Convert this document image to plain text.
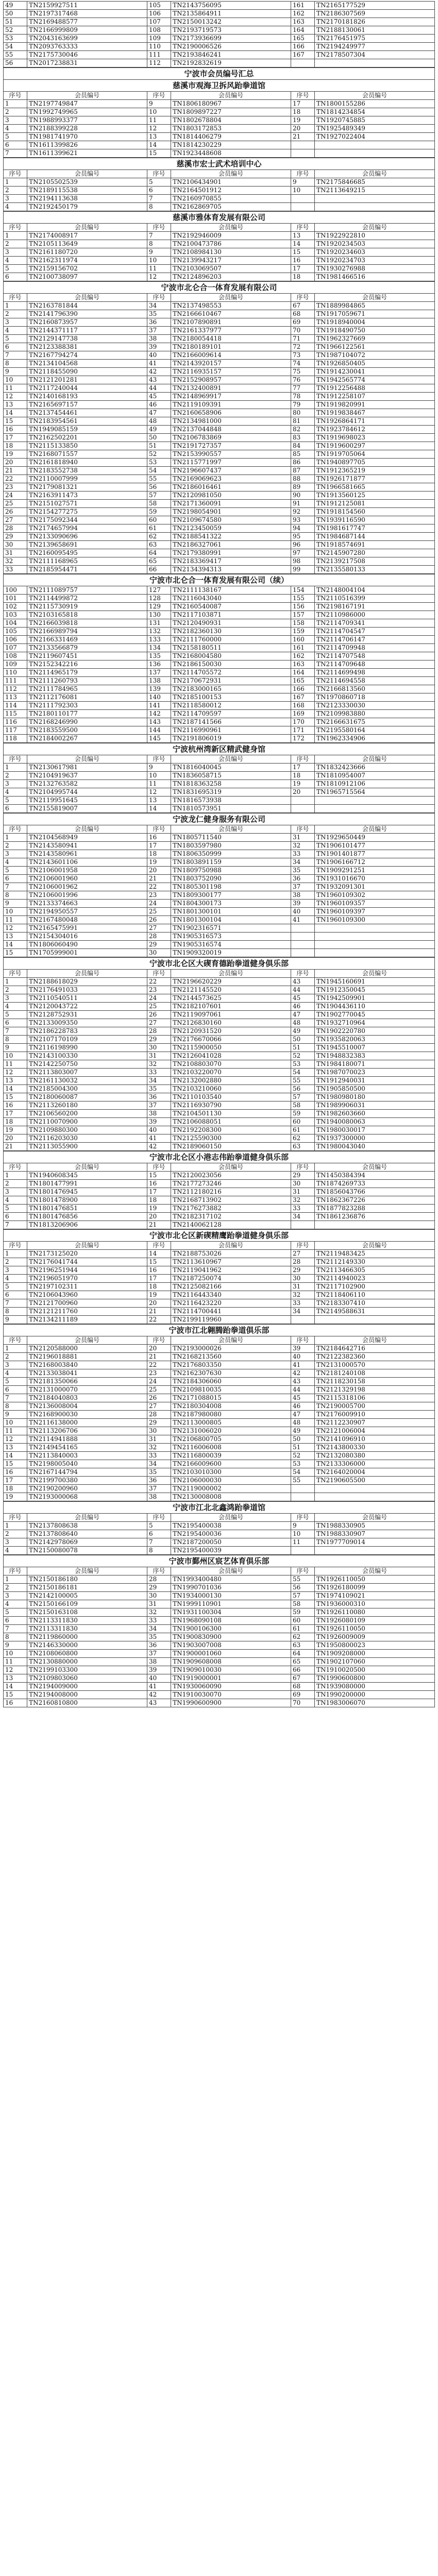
49	TN2159927511	105	TN2143756095	161	TN2165177529
50	TN2197317468	106	TN2135864911	162	TN2186307569
51	TN2169488577	107	TN2150013242	163	TN2170181826
52	TN2166999809	108	TN2193719573	164	TN2188130061
53	TN2043163699	109	TN2173936699	165	TN2176451975
54	TN2093763333	110	TN2190006526	166	TN2194249977
55	TN2175730046	111	TN2193846241	167	TN2178507304
56	TN2017238831	112	TN2192832619		
宁波市会员编号汇总
慈溪市观海卫拆风跆拳道馆
序号	会员编号	序号	会员编号	序号	会员编号
1	TN2197749847	9	TN1806180967	17	TN1800155286
2	TN1992749965	10	TN1809897227	18	TN1814234854
3	TN1988993377	11	TN1802678804	19	TN1920745885
4	TN2188399228	12	TN1803172853	20	TN1925489349
5	TN1981741970	13	TN1814406279	21	TN1927022404
6	TN1611399826	14	TN1814230229		
7	TN1611399621	15	TN1923448608		
慈溪市宏士武术培训中心
序号	会员编号	序号	会员编号	序号	会员编号
1	TN2105502539	5	TN2106434901	9	TN2175846685
2	TN2189115538	6	TN2164501912	10	TN2113649215
3	TN2194113638	7	TN2160970855		
4	TN2192450179	8	TN2162869705		
慈溪市雅体育发展有限公司
序号	会员编号	序号	会员编号	序号	会员编号
1	TN2174008917	7	TN2192946009	13	TN1922922810
2	TN2105113649	8	TN2100473786	14	TN1920234503
3	TN2161180720	9	TN2108984130	15	TN1920234603
4	TN2162311974	10	TN2139943217	16	TN1920234703
5	TN2159156702	11	TN2103069507	17	TN1930276988
6	TN2100738097	12	TN2124896203	18	TN1981466516
宁波市北仑合一体育发展有限公司
序号	会员编号	序号	会员编号	序号	会员编号
1	TN2163781844	34	TN2137498553	67	TN1889984865
2	TN2141796390	35	TN2166610467	68	TN1917059671
3	TN2160873957	36	TN2107890891	69	TN1918940004
4	TN2144371117	37	TN2161337977	70	TN1918490750
5	TN2129147738	38	TN2180054418	71	TN1962327669
6	TN2123388381	39	TN2180189101	72	TN1966122561
7	TN2167794274	40	TN2166009614	73	TN1987104072
8	TN2134104568	41	TN2143920157	74	TN1926850405
9	TN2118455090	42	TN2116935157	75	TN1914230041
10	TN2121201281	43	TN2152908957	76	TN1942565774
11	TN2117240044	44	TN2132400891	77	TN1912256488
12	TN2140168193	45	TN2148969917	78	TN1912258107
13	TN2165697157	46	TN2119109391	79	TN1919820991
14	TN2137454461	47	TN2160658906	80	TN1919838467
15	TN2183954561	48	TN2134981000	81	TN1926864171
16	TN1949085159	49	TN2137044848	82	TN1923784612
17	TN2162502201	50	TN2106783869	83	TN1919698023
18	TN2115133850	51	TN2191727357	84	TN1919600297
19	TN2168071557	52	TN2153990557	85	TN1919705064
20	TN2161818940	53	TN2115771997	86	TN1940897705
21	TN2183552738	54	TN2196607437	87	TN1912365219
22	TN2110007999	55	TN2169069623	88	TN1926171877
23	TN2179081321	56	TN2186016461	89	TN1966581665
24	TN2163911473	57	TN2120981050	90	TN1913560125
25	TN2151027571	58	TN2171360091	91	TN1912125081
26	TN2154277275	59	TN2198054901	92	TN1918154560
27	TN2175092344	60	TN2109674580	93	TN1939116590
28	TN2174657994	61	TN2123450059	94	TN1981617747
29	TN2133090696	62	TN2188541322	95	TN1984687144
30	TN2139658691	63	TN2186327061	96	TN1918574691
31	TN2160095495	64	TN2179380991	97	TN2145907280
32	TN2111168965	65	TN2183369417	98	TN2139217508
33	TN2185954471	66	TN2134394313	99	TN2135580133
宁波市北仑合一体育发展有限公司（续）
100	TN2111089757	127	TN2111138167	154	TN2148004104
101	TN2114499872	128	TN2116043040	155	TN2110516399
102	TN2115730919	129	TN2160540087	156	TN2198167191
103	TN2103165818	130	TN2117103871	157	TN2110986000
104	TN2166039818	131	TN2120490931	158	TN2114709341
105	TN2166989794	132	TN2182360130	159	TN2114704547
106	TN2166331469	133	TN2111760000	160	TN2114706147
107	TN2133566879	134	TN2158180511	161	TN2114709948
108	TN2119607451	135	TN2168004580	162	TN2114707548
109	TN2152342216	136	TN2186150030	163	TN2114709648
110	TN2114965179	137	TN2114705572	164	TN2114699498
111	TN2111260793	138	TN2170672931	165	TN2114694558
112	TN2111784965	139	TN2183000165	166	TN2166813560
113	TN2112176081	140	TN2185100153	167	TN1970860718
114	TN2111792303	141	TN2118580012	168	TN2123330030
115	TN2180110177	142	TN2114709597	169	TN2109983880
116	TN2168246990	143	TN2187141566	170	TN2166631675
117	TN2183559500	144	TN2116990961	171	TN2195580164
118	TN2184002267	145	TN2191806019	172	TN1962334906
宁波杭州湾新区精武健身馆
序号	会员编号	序号	会员编号	序号	会员编号
1	TN2130617981	9	TN1816040045	17	TN1832423666
2	TN2104919637	10	TN1836058715	18	TN1810954007
3	TN2132763582	11	TN1818363258	19	TN1810912106
4	TN2104995744	12	TN1831695319	20	TN1965715564
5	TN2119951645	13	TN1816573938		
6	TN2155819007	14	TN1810573951		
宁波龙仁健身服务有限公司
序号	会员编号	序号	会员编号	序号	会员编号
1	TN2104568949	16	TN1805711540	31	TN1929650449
2	TN2143580941	17	TN1803597980	32	TN1906101477
3	TN2143580961	18	TN1806350999	33	TN1901401877
4	TN2143601106	19	TN1803891159	34	TN1906166712
5	TN2106001958	20	TN1809750988	35	TN1909291251
6	TN2106001960	21	TN1803752090	36	TN1931016670
7	TN2106001962	22	TN1805301198	37	TN1932091301
8	TN2106001996	23	TN1809300177	38	TN1960109302
9	TN2133374663	24	TN1804300173	39	TN1960109357
10	TN2194950557	25	TN1801300101	40	TN1960109397
11	TN2167480048	26	TN1801300104	41	TN1960109300
12	TN2165475991	27	TN1902316571		
13	TN2154304016	28	TN1905316573		
14	TN1806060490	29	TN1905316574		
15	TN1705999001	30	TN1909320019		
宁波市北仑区大碶育德跆拳道健身俱乐部
序号	会员编号	序号	会员编号	序号	会员编号
1	TN2188618029	22	TN2196620229	43	TN1945160691
2	TN2176491033	23	TN2121145520	44	TN1912350045
3	TN2110540511	24	TN2144573625	45	TN1942509901
4	TN2120043722	25	TN2182107601	46	TN1904436110
5	TN2128752931	26	TN2119097061	47	TN1902770045
6	TN2133009350	27	TN2126830160	48	TN1932710964
7	TN2186228783	28	TN2120931520	49	TN1902220780
8	TN2107170109	29	TN2176670066	50	TN1935820063
9	TN2116198990	30	TN2115900050	51	TN1945510007
10	TN2143100330	31	TN2126041028	52	TN1948832383
11	TN2142250750	32	TN2108803070	53	TN1984180071
12	TN2113803007	33	TN2103220070	54	TN1987070023
13	TN2161130032	34	TN2132002880	55	TN1912940031
14	TN2185004300	35	TN2103210060	56	TN1905850500
15	TN2180060087	36	TN2110103540	57	TN1980980180
16	TN2113260180	37	TN2116930790	58	TN1989906031
17	TN2106560200	38	TN2104501130	59	TN1982603660
18	TN2110070900	39	TN2106088051	60	TN1940080063
19	TN2109880300	40	TN2192208300	61	TN1980030017
20	TN2116203030	41	TN2125590300	62	TN1937300000
21	TN2113055900	42	TN2189060150	63	TN1980043040
宁波市北仑区小港志伟跆拳道健身俱乐部
序号	会员编号	序号	会员编号	序号	会员编号
1	TN1940608345	15	TN2120023056	29	TN1450384394
2	TN1801477991	16	TN2177273246	30	TN1874269733
3	TN1801476945	17	TN2112180216	31	TN1856043766
4	TN1801478900	18	TN2168713902	32	TN1862367226
5	TN1801476851	19	TN2176273882	33	TN1877823288
6	TN1801476856	20	TN2182317102	34	TN1861236876
7	TN1813206906	21	TN2140062128		
宁波市北仑区新碶精鹰跆拳道健身俱乐部
序号	会员编号	序号	会员编号	序号	会员编号
1	TN2173125020	14	TN2188753026	27	TN2119483425
2	TN2176041744	15	TN2113610967	28	TN2112149330
3	TN2196251944	16	TN2119041962	29	TN2113466305
4	TN2196051970	17	TN2187250074	30	TN2114940023
5	TN2197102311	18	TN2125082166	31	TN2117102900
6	TN2106043960	19	TN2116443340	32	TN2118406110
7	TN2121700960	20	TN2116423220	33	TN2183307410
8	TN2121211760	21	TN2114700441	34	TN2149588631
9	TN2134211189	22	TN2199119960		
宁波市江北翱腾跆拳道俱乐部
序号	会员编号	序号	会员编号	序号	会员编号
1	TN2120588000	20	TN2193000026	39	TN2184642716
2	TN2196018881	21	TN2168213560	40	TN2122382360
3	TN2168003840	22	TN2176803350	41	TN2131000570
4	TN2133038041	23	TN2162307630	42	TN2181240108
5	TN2181350066	24	TN2184306060	43	TN2118230158
6	TN2131000070	25	TN2109810035	44	TN2121329198
7	TN2184040803	26	TN2171088015	45	TN2115318106
8	TN2136008004	27	TN2180304008	46	TN2190005700
9	TN2168900030	28	TN2187980080	47	TN2176009910
10	TN2116138000	29	TN2113000805	48	TN2112230907
11	TN2113206706	30	TN2131006020	49	TN2121006004
12	TN2114941888	31	TN2106800705	50	TN2141096910
13	TN2149454165	32	TN2116006008	51	TN2143800330
14	TN2113840003	33	TN2116800039	52	TN2132080380
15	TN2198005040	34	TN2166009600	53	TN2133306000
16	TN2167144794	35	TN2103010300	54	TN2164020004
17	TN2199700380	36	TN2106000030	55	TN2190605500
18	TN2190200960	37	TN2119000002		
19	TN2193000068	38	TN2130008008		
宁波市江北北鑫鸿跆拳道馆
序号	会员编号	序号	会员编号	序号	会员编号
1	TN2137808638	5	TN2195400038	9	TN1988330905
2	TN2137808640	6	TN2195400036	10	TN1988330907
3	TN2142978069	7	TN2187200050	11	TN1977709014
4	TN2150080078	8	TN2195400039		
宁波市鄞州区宸艺体育俱乐部
序号	会员编号	序号	会员编号	序号	会员编号
1	TN2150186180	28	TN1993400480	55	TN1926110050
2	TN2150186181	29	TN1990701036	56	TN1926180099
3	TN2142100005	30	TN1934000130	57	TN1974109021
4	TN2150166109	31	TN1999110901	58	TN1936000310
5	TN2150163108	32	TN1931100304	59	TN1926110080
6	TN2113311830	33	TN1968090108	60	TN1926080109
7	TN2113311830	34	TN1900106300	61	TN1926110050
8	TN2119860000	35	TN1900830900	62	TN1926009009
9	TN2146330000	36	TN1903007008	63	TN1950800023
10	TN2108060800	37	TN1900001060	64	TN1909208000
11	TN2130880000	38	TN1909608008	65	TN1902107060
12	TN2199103300	39	TN1909010030	66	TN1910020500
13	TN2109803060	40	TN1919000001	67	TN1990600800
14	TN2194009000	41	TN1930060090	68	TN1939080000
15	TN2194008000	42	TN1910030070	69	TN1990200000
16	TN2160810800	43	TN1990600900	70	TN1983006070
